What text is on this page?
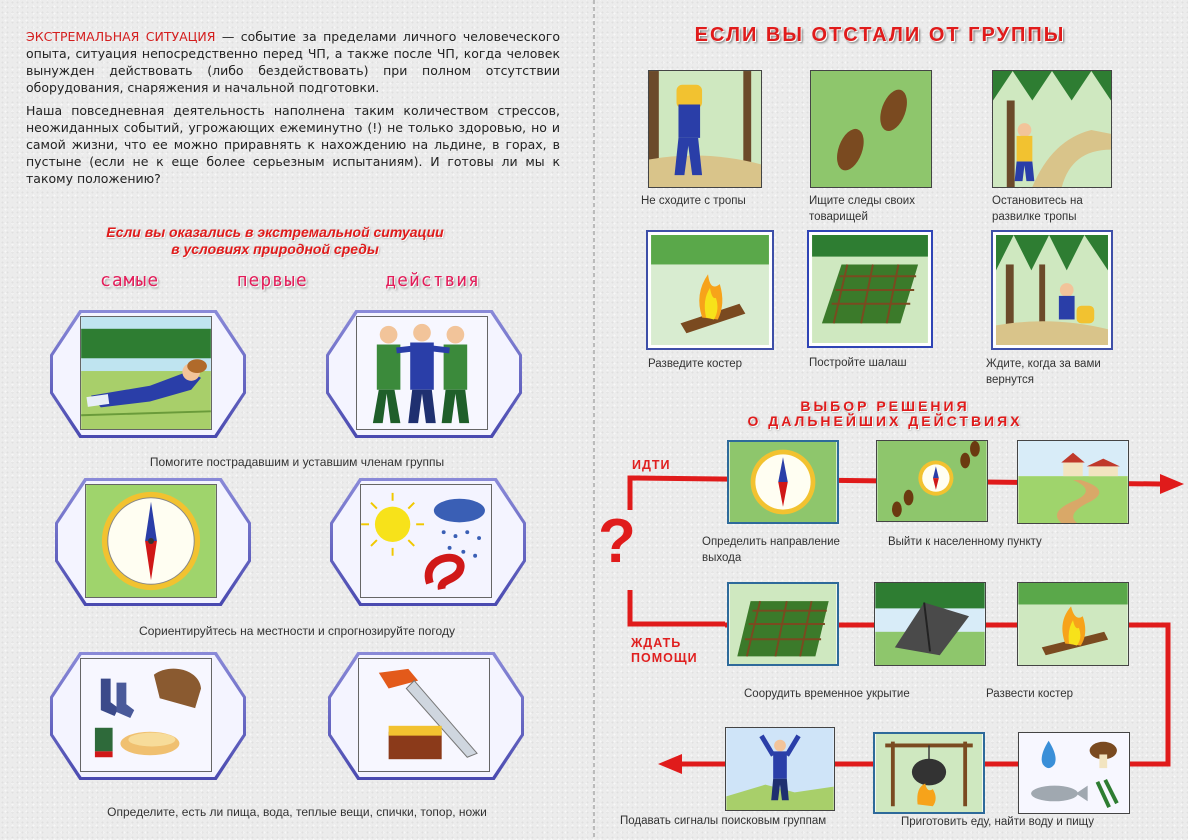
ЭКСТРЕМАЛЬНАЯ СИТУАЦИЯ — событие за пределами личного человеческого опыта, ситуация непосредственно перед ЧП, а также после ЧП, когда человек вынужден действовать (либо бездействовать) при полном отсутствии оборудования, снаряжения и начальной подготовки.

Наша повседневная деятельность наполнена таким количеством стрессов, неожиданных событий, угрожающих ежеминутно (!) не только здоровью, но и самой жизни, что ее можно приравнять к нахождению на льдине, в горах, в пустыне (если не к еще более серьезным испытаниям). И готовы ли мы к такому положению?

Если вы оказались в экстремальной ситуации
в условиях природной среды
самые	первые	действия
Помогите пострадавшим и уставшим членам группы
Сориентируйтесь на местности и спрогнозируйте погоду
Определите, есть ли пища, вода, теплые вещи, спички, топор, ножи
ЕСЛИ ВЫ ОТСТАЛИ ОТ ГРУППЫ
Не сходите с тропы	Ищите следы своих товарищей
Остановитесь на развилке тропы
Разведите костер	Постройте шалаш	Ждите, когда за вами вернутся
ВЫБОР РЕШЕНИЯ
О ДАЛЬНЕЙШИХ ДЕЙСТВИЯХ
ИДТИ
ЖДАТЬ
ПОМОЩИ
?	Определить направление выхода
Выйти к населенному пункту
Соорудить временное укрытие	Развести костер
Подавать сигналы поисковым группам	Приготовить еду, найти воду и пищу
